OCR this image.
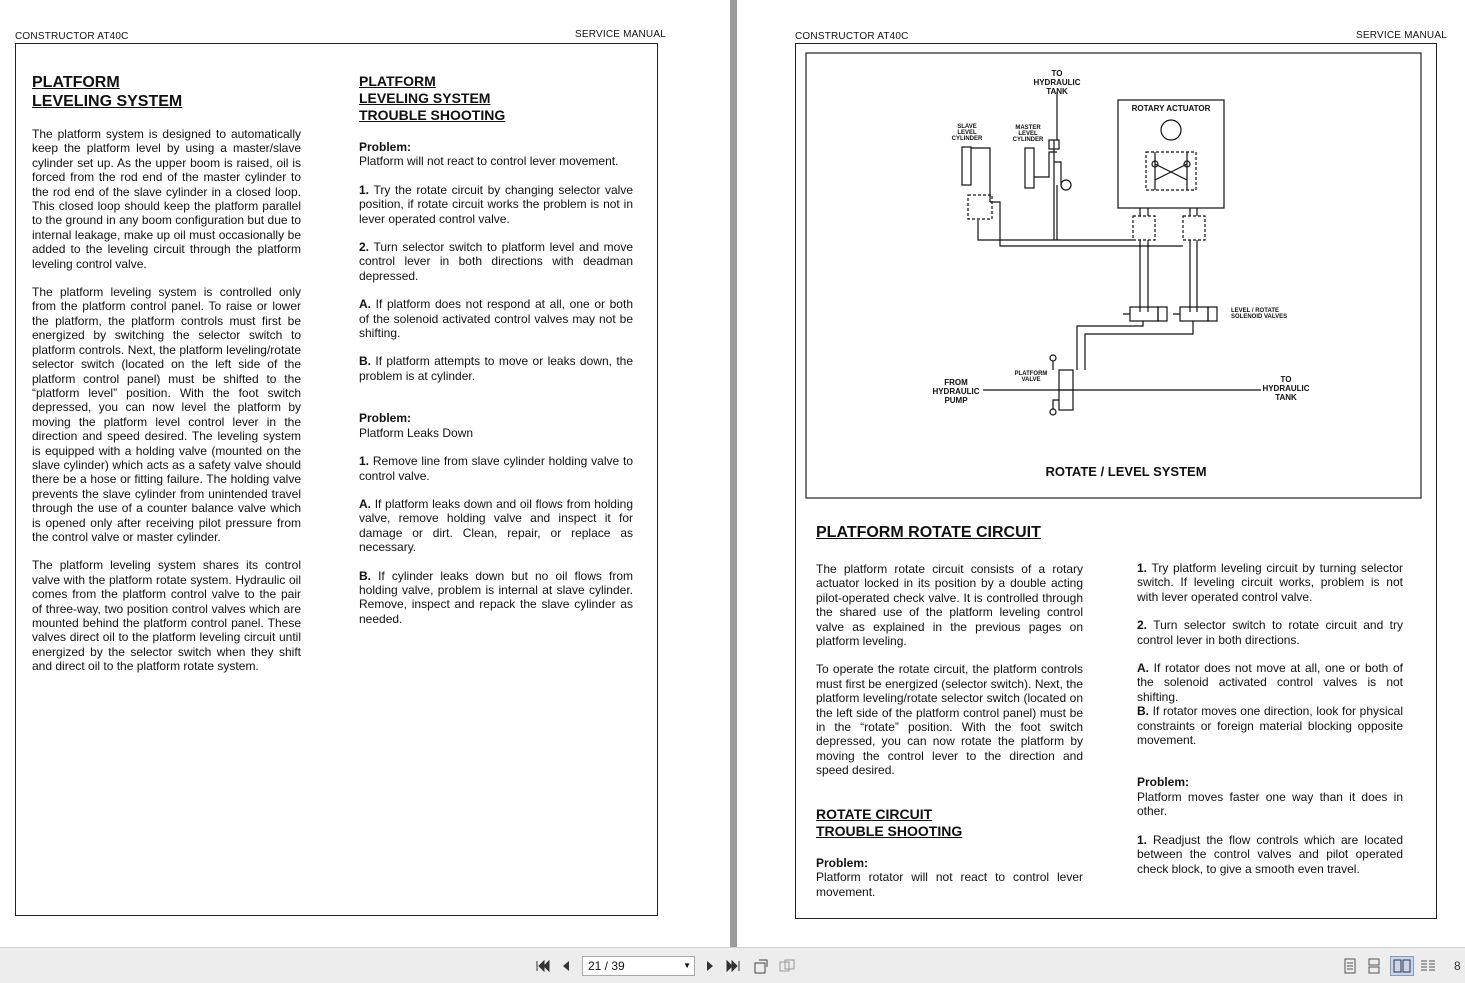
CONSTRUCTOR AT40C	SERVICE MANUAL
PLATFORM
LEVELING SYSTEM

The platform system is designed to automatically keep the platform level by using a master/slave cylinder set up. As the upper boom is raised, oil is forced from the rod end of the master cylinder to the rod end of the slave cylinder in a closed loop. This closed loop should keep the platform parallel to the ground in any boom configuration but due to internal leakage, make up oil must occasionally be added to the leveling circuit through the platform leveling control valve.

The platform leveling system is controlled only from the platform control panel. To raise or lower the platform, the platform controls must first be energized by switching the selector switch to platform controls. Next, the platform leveling/rotate selector switch (located on the left side of the platform control panel) must be shifted to the “platform level” position. With the foot switch depressed, you can now level the platform by moving the platform level control lever in the direction and speed desired. The leveling system is equipped with a holding valve (mounted on the slave cylinder) which acts as a safety valve should there be a hose or fitting failure. The holding valve prevents the slave cylinder from unintended travel through the use of a counter balance valve which is opened only after receiving pilot pressure from the control valve or master cylinder.

The platform leveling system shares its control valve with the platform rotate system. Hydraulic oil comes from the platform control valve to the pair of three-way, two position control valves which are mounted behind the platform control panel. These valves direct oil to the platform leveling circuit until energized by the selector switch when they shift and direct oil to the platform rotate system.

PLATFORM
LEVELING SYSTEM
TROUBLE SHOOTING

Problem:
Platform will not react to control lever movement.

1. Try the rotate circuit by changing selector valve position, if rotate circuit works the problem is not in lever operated control valve.

2. Turn selector switch to platform level and move control lever in both directions with deadman depressed.

A. If platform does not respond at all, one or both of the solenoid activated control valves may not be shifting.

B. If platform attempts to move or leaks down, the problem is at cylinder.

Problem:
Platform Leaks Down

1. Remove line from slave cylinder holding valve to control valve.

A. If platform leaks down and oil flows from holding valve, remove holding valve and inspect it for damage or dirt. Clean, repair, or replace as necessary.

B. If cylinder leaks down but no oil flows from holding valve, problem is internal at slave cylinder. Remove, inspect and repack the slave cylinder as needed.

CONSTRUCTOR AT40C	SERVICE MANUAL
TO
HYDRAULIC
TANK
SLAVE
LEVEL
CYLINDER
MASTER
LEVEL
CYLINDER
ROTARY ACTUATOR
LEVEL / ROTATE
SOLENOID VALVES
PLATFORM
VALVE
FROM
HYDRAULIC
PUMP
TO
HYDRAULIC
TANK
ROTATE / LEVEL SYSTEM
PLATFORM ROTATE CIRCUIT

The platform rotate circuit consists of a rotary actuator locked in its position by a double acting pilot-operated check valve. It is controlled through the shared use of the platform leveling control valve as explained in the previous pages on platform leveling.

To operate the rotate circuit, the platform controls must first be energized (selector switch). Next, the platform leveling/rotate selector switch (located on the left side of the platform control panel) must be in the “rotate” position. With the foot switch depressed, you can now rotate the platform by moving the control lever to the direction and speed desired.

ROTATE CIRCUIT
TROUBLE SHOOTING

Problem:
Platform rotator will not react to control lever movement.

1. Try platform leveling circuit by turning selector switch. If leveling circuit works, problem is not with lever operated control valve.

2. Turn selector switch to rotate circuit and try control lever in both directions.

A. If rotator does not move at all, one or both of the solenoid activated control valves is not shifting.

B. If rotator moves one direction, look for physical constraints or foreign material blocking opposite movement.

Problem:
Platform moves faster one way than it does in other.

1. Readjust the flow controls which are located between the control valves and pilot operated check block, to give a smooth even travel.

21 / 39	▼	8
